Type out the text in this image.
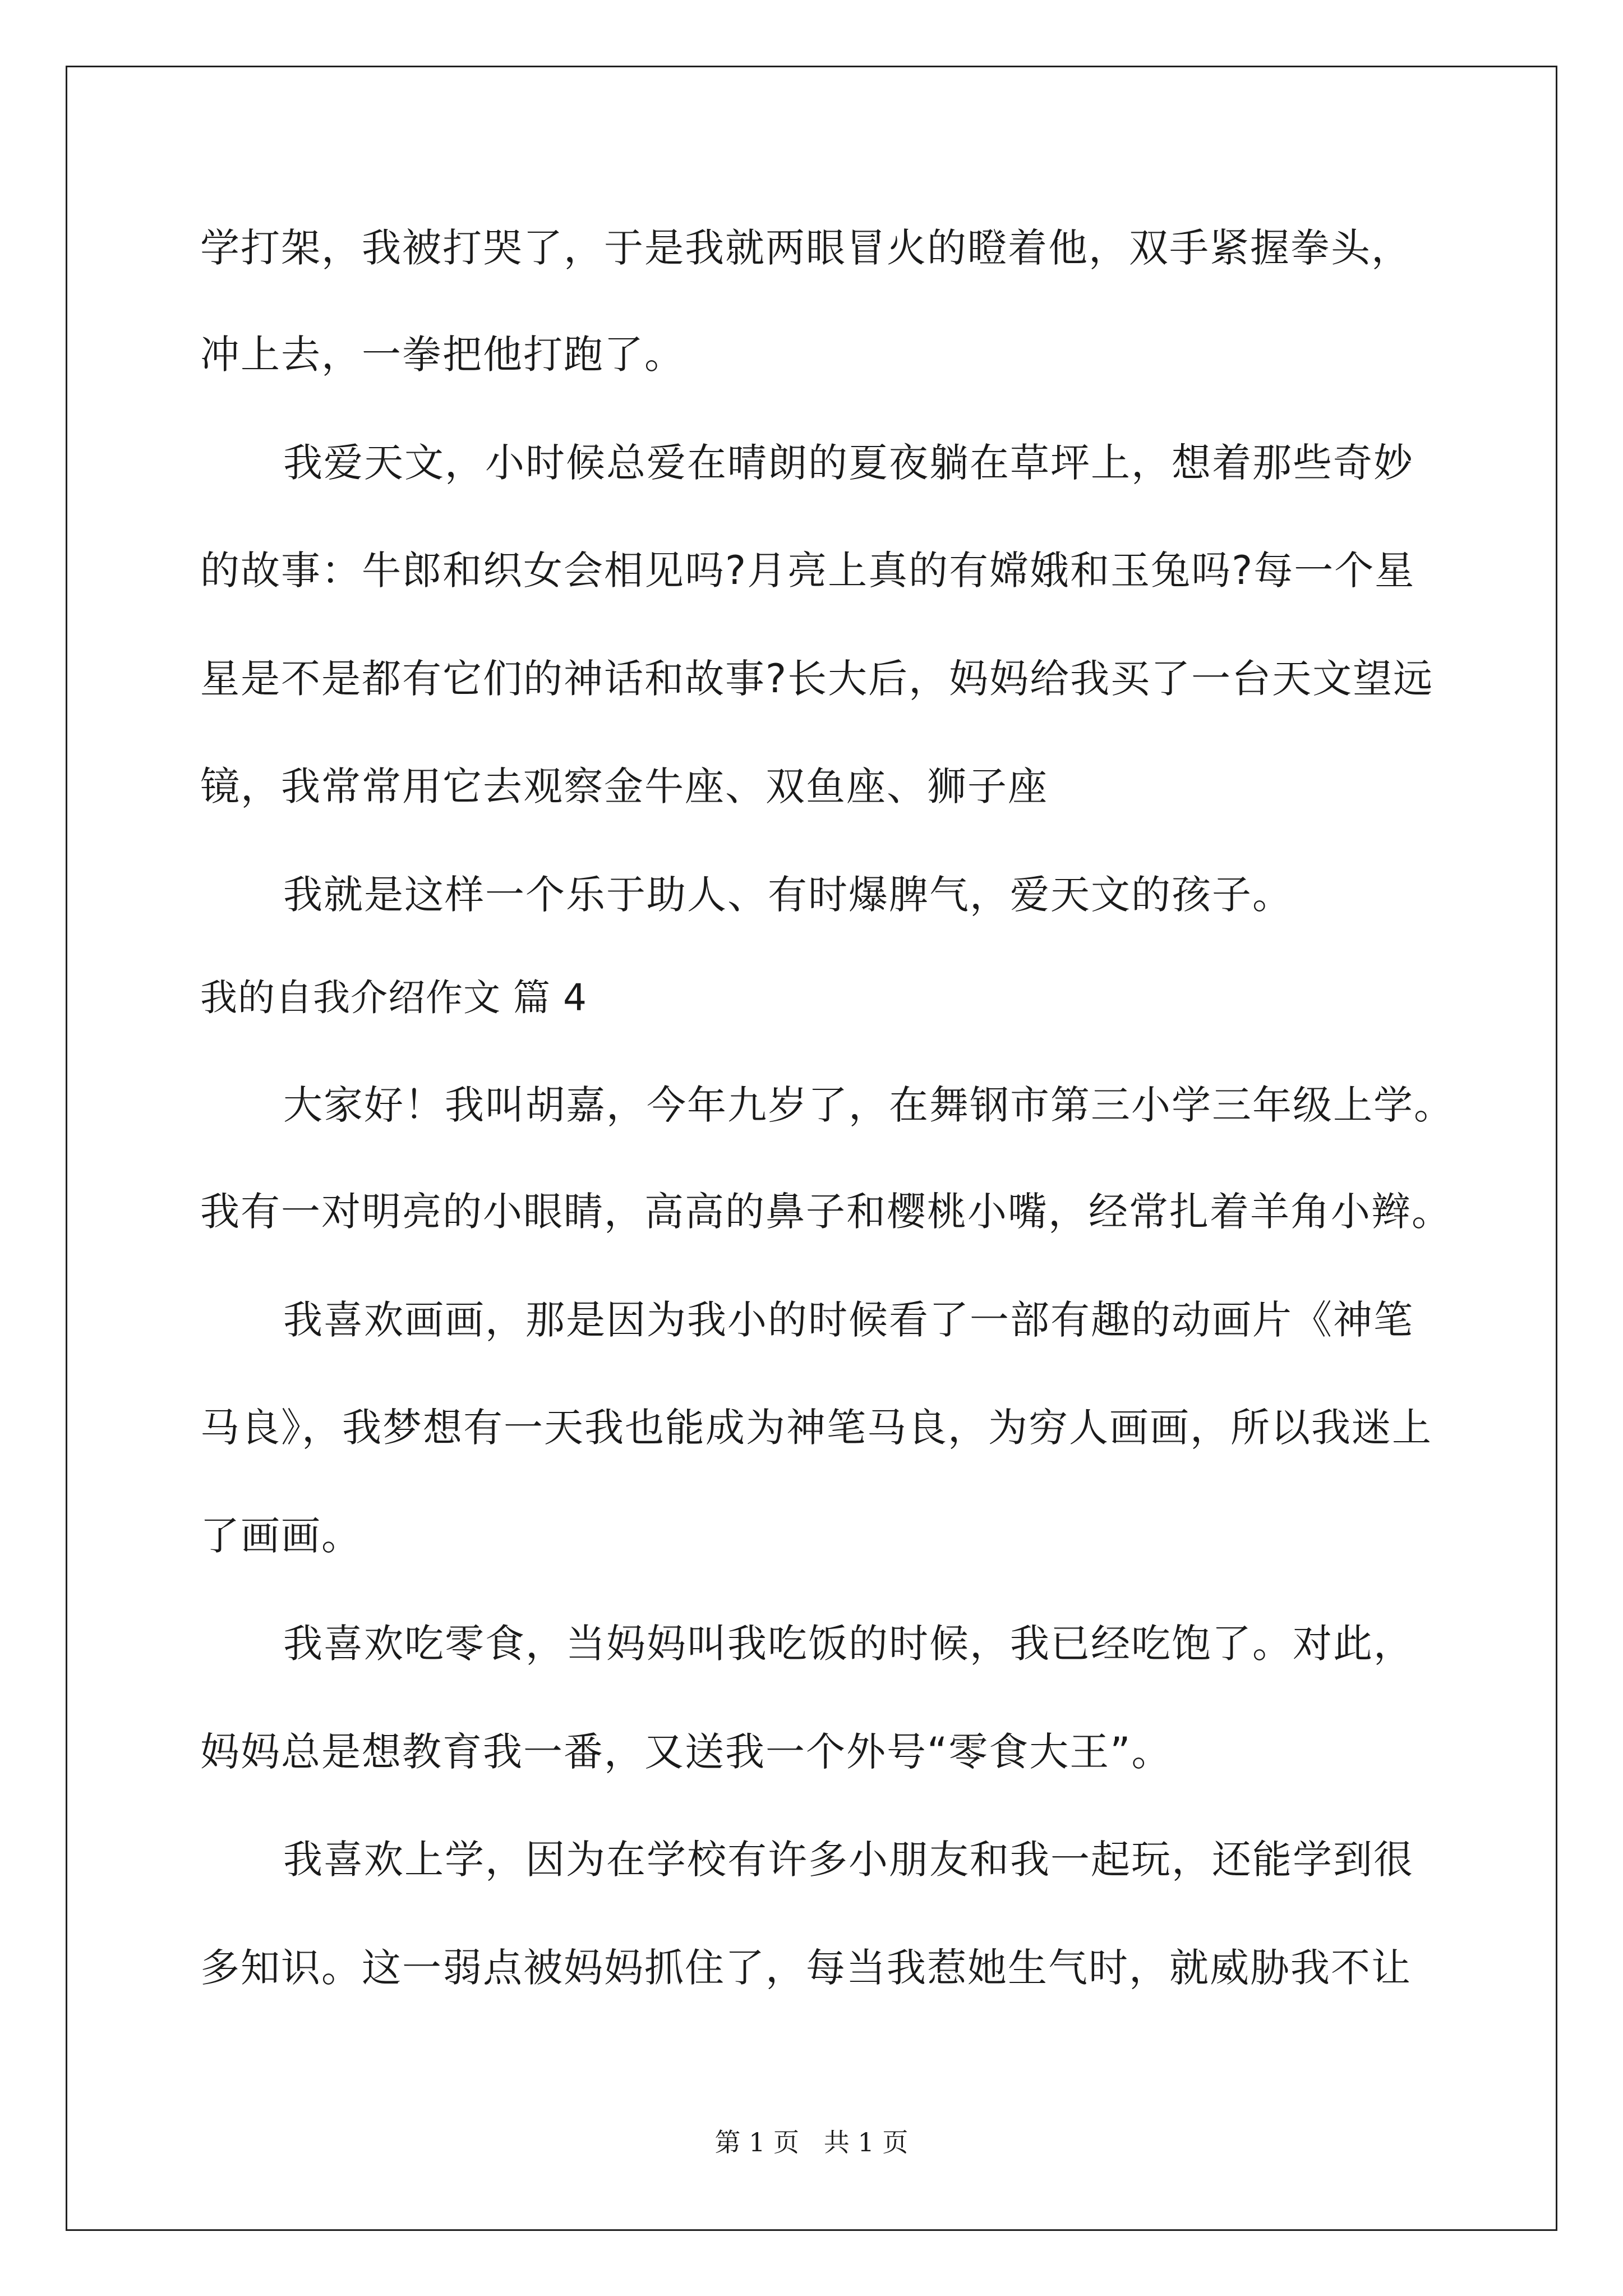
学打架，我被打哭了，于是我就两眼冒火的瞪着他，双手紧握拳头，
冲上去，一拳把他打跑了。
我爱天文，小时候总爱在晴朗的夏夜躺在草坪上，想着那些奇妙
的故事：牛郎和织女会相见吗?月亮上真的有嫦娥和玉兔吗?每一个星
星是不是都有它们的神话和故事?长大后，妈妈给我买了一台天文望远
镜，我常常用它去观察金牛座、双鱼座、狮子座
我就是这样一个乐于助人、有时爆脾气，爱天文的孩子。
我的自我介绍作文 篇 4
大家好！我叫胡嘉，今年九岁了，在舞钢市第三小学三年级上学。
我有一对明亮的小眼睛，高高的鼻子和樱桃小嘴，经常扎着羊角小辫。
我喜欢画画，那是因为我小的时候看了一部有趣的动画片《神笔
马良》，我梦想有一天我也能成为神笔马良，为穷人画画，所以我迷上
了画画。
我喜欢吃零食，当妈妈叫我吃饭的时候，我已经吃饱了。对此，
妈妈总是想教育我一番，又送我一个外号“零食大王”。
我喜欢上学，因为在学校有许多小朋友和我一起玩，还能学到很
多知识。这一弱点被妈妈抓住了，每当我惹她生气时，就威胁我不让
第 1 页   共 1 页
